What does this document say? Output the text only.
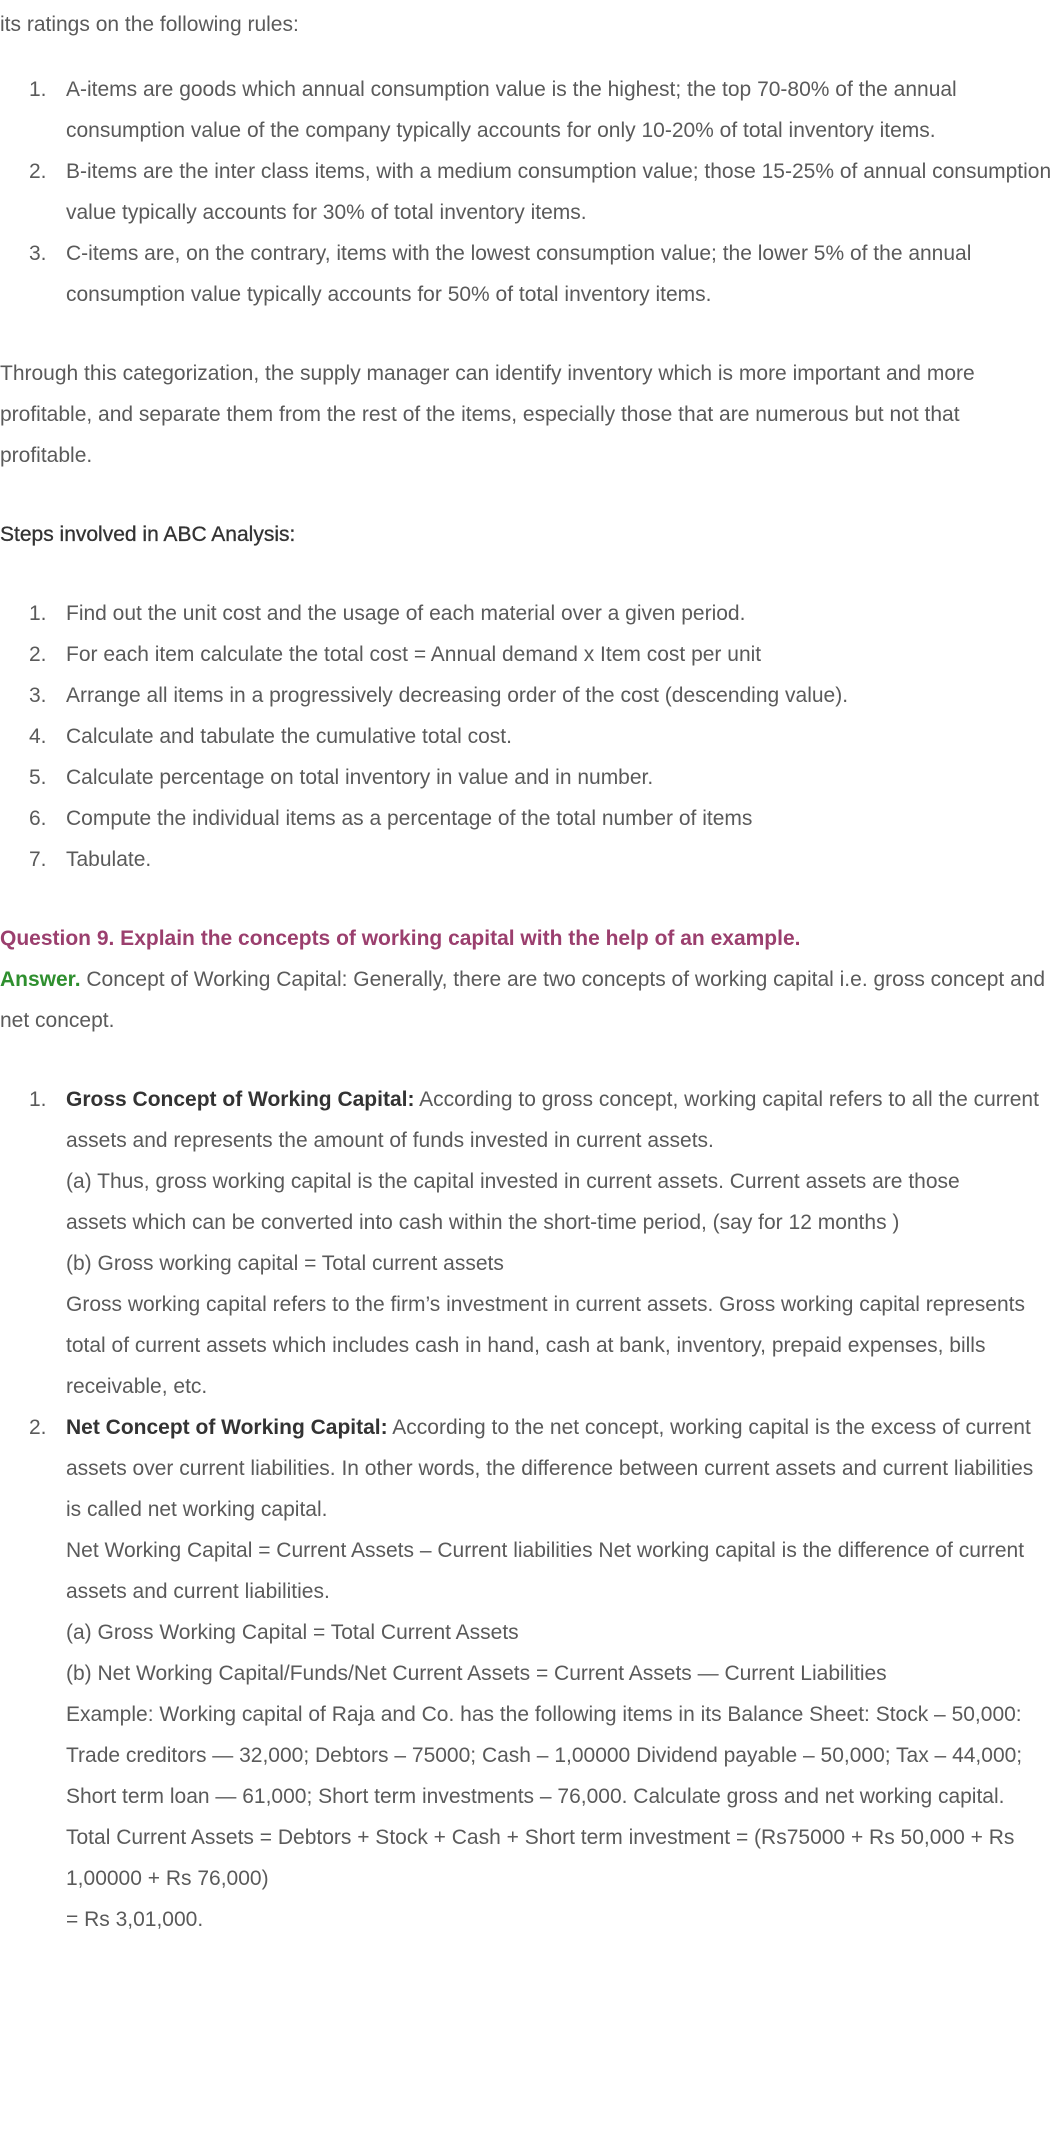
its ratings on the following rules:

1. A-items are goods which annual consumption value is the highest; the top 70-80% of the annual consumption value of the company typically accounts for only 10-20% of total inventory items.
2. B-items are the inter class items, with a medium consumption value; those 15-25% of annual consumption value typically accounts for 30% of total inventory items.
3. C-items are, on the contrary, items with the lowest consumption value; the lower 5% of the annual consumption value typically accounts for 50% of total inventory items.

Through this categorization, the supply manager can identify inventory which is more important and more profitable, and separate them from the rest of the items, especially those that are numerous but not that profitable.

Steps involved in ABC Analysis:

1. Find out the unit cost and the usage of each material over a given period.
2. For each item calculate the total cost = Annual demand x Item cost per unit
3. Arrange all items in a progressively decreasing order of the cost (descending value).
4. Calculate and tabulate the cumulative total cost.
5. Calculate percentage on total inventory in value and in number.
6. Compute the individual items as a percentage of the total number of items
7. Tabulate.

Question 9. Explain the concepts of working capital with the help of an example.

Answer. Concept of Working Capital: Generally, there are two concepts of working capital i.e. gross concept and net concept.

1. Gross Concept of Working Capital: According to gross concept, working capital refers to all the current assets and represents the amount of funds invested in current assets.
(a) Thus, gross working capital is the capital invested in current assets. Current assets are those
assets which can be converted into cash within the short-time period, (say for 12 months )
(b) Gross working capital = Total current assets
Gross working capital refers to the firm’s investment in current assets. Gross working capital represents total of current assets which includes cash in hand, cash at bank, inventory, prepaid expenses, bills receivable, etc.
2. Net Concept of Working Capital: According to the net concept, working capital is the excess of current assets over current liabilities. In other words, the difference between current assets and current liabilities is called net working capital.
Net Working Capital = Current Assets – Current liabilities Net working capital is the difference of current assets and current liabilities.
(a) Gross Working Capital = Total Current Assets
(b) Net Working Capital/Funds/Net Current Assets = Current Assets — Current Liabilities
Example: Working capital of Raja and Co. has the following items in its Balance Sheet: Stock – 50,000: Trade creditors — 32,000; Debtors – 75000; Cash – 1,00000 Dividend payable – 50,000; Tax – 44,000; Short term loan — 61,000; Short term investments – 76,000. Calculate gross and net working capital.
Total Current Assets = Debtors + Stock + Cash + Short term investment = (Rs75000 + Rs 50,000 + Rs 1,00000 + Rs 76,000)
= Rs 3,01,000.
